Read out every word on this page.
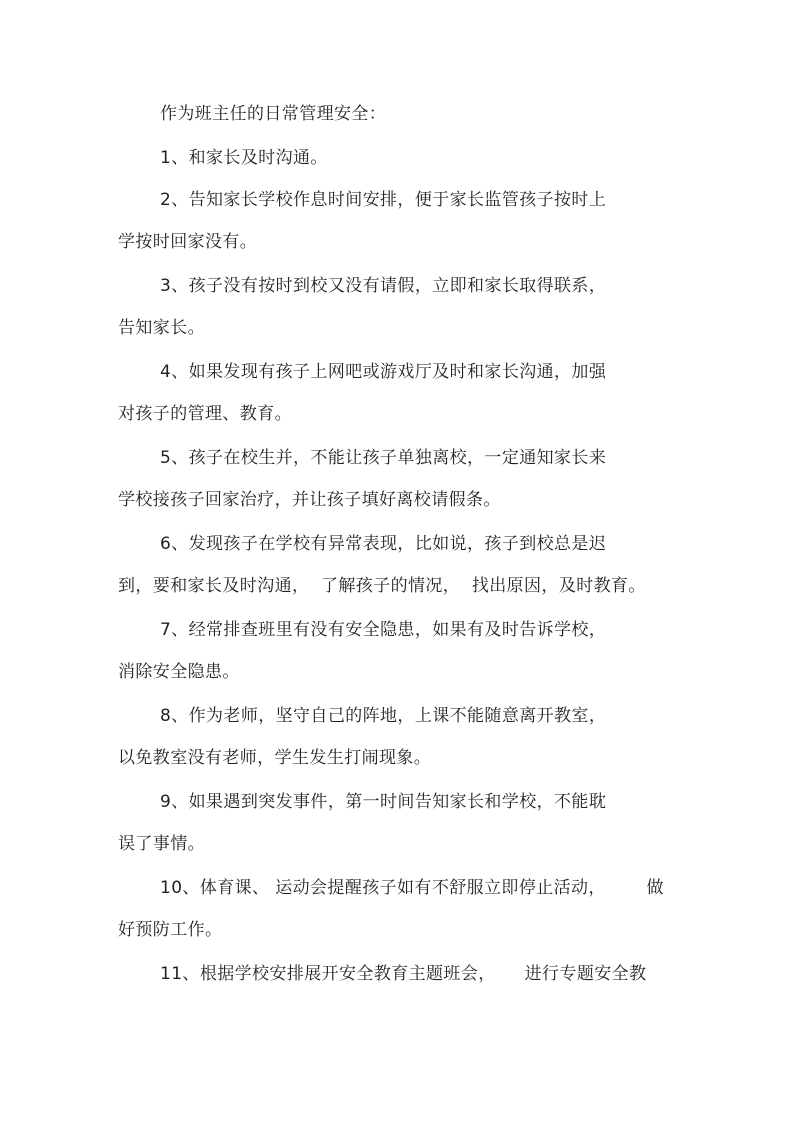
作为班主任的日常管理安全：
1、和家长及时沟通。
2、告知家长学校作息时间安排，便于家长监管孩子按时上
学按时回家没有。
3、孩子没有按时到校又没有请假，立即和家长取得联系，
告知家长。
4、如果发现有孩子上网吧或游戏厅及时和家长沟通，加强
对孩子的管理、教育。
5、孩子在校生并，不能让孩子单独离校，一定通知家长来
学校接孩子回家治疗，并让孩子填好离校请假条。
6、发现孩子在学校有异常表现，比如说，孩子到校总是迟
到，要和家长及时沟通，  了解孩子的情况，  找出原因，及时教育。
7、经常排查班里有没有安全隐患，如果有及时告诉学校，
消除安全隐患。
8、作为老师，坚守自己的阵地，上课不能随意离开教室，
以免教室没有老师，学生发生打闹现象。
9、如果遇到突发事件，第一时间告知家长和学校，不能耽
误了事情。
10、体育课、 运动会提醒孩子如有不舒服立即停止活动，       做
好预防工作。
11、根据学校安排展开安全教育主题班会，     进行专题安全教
